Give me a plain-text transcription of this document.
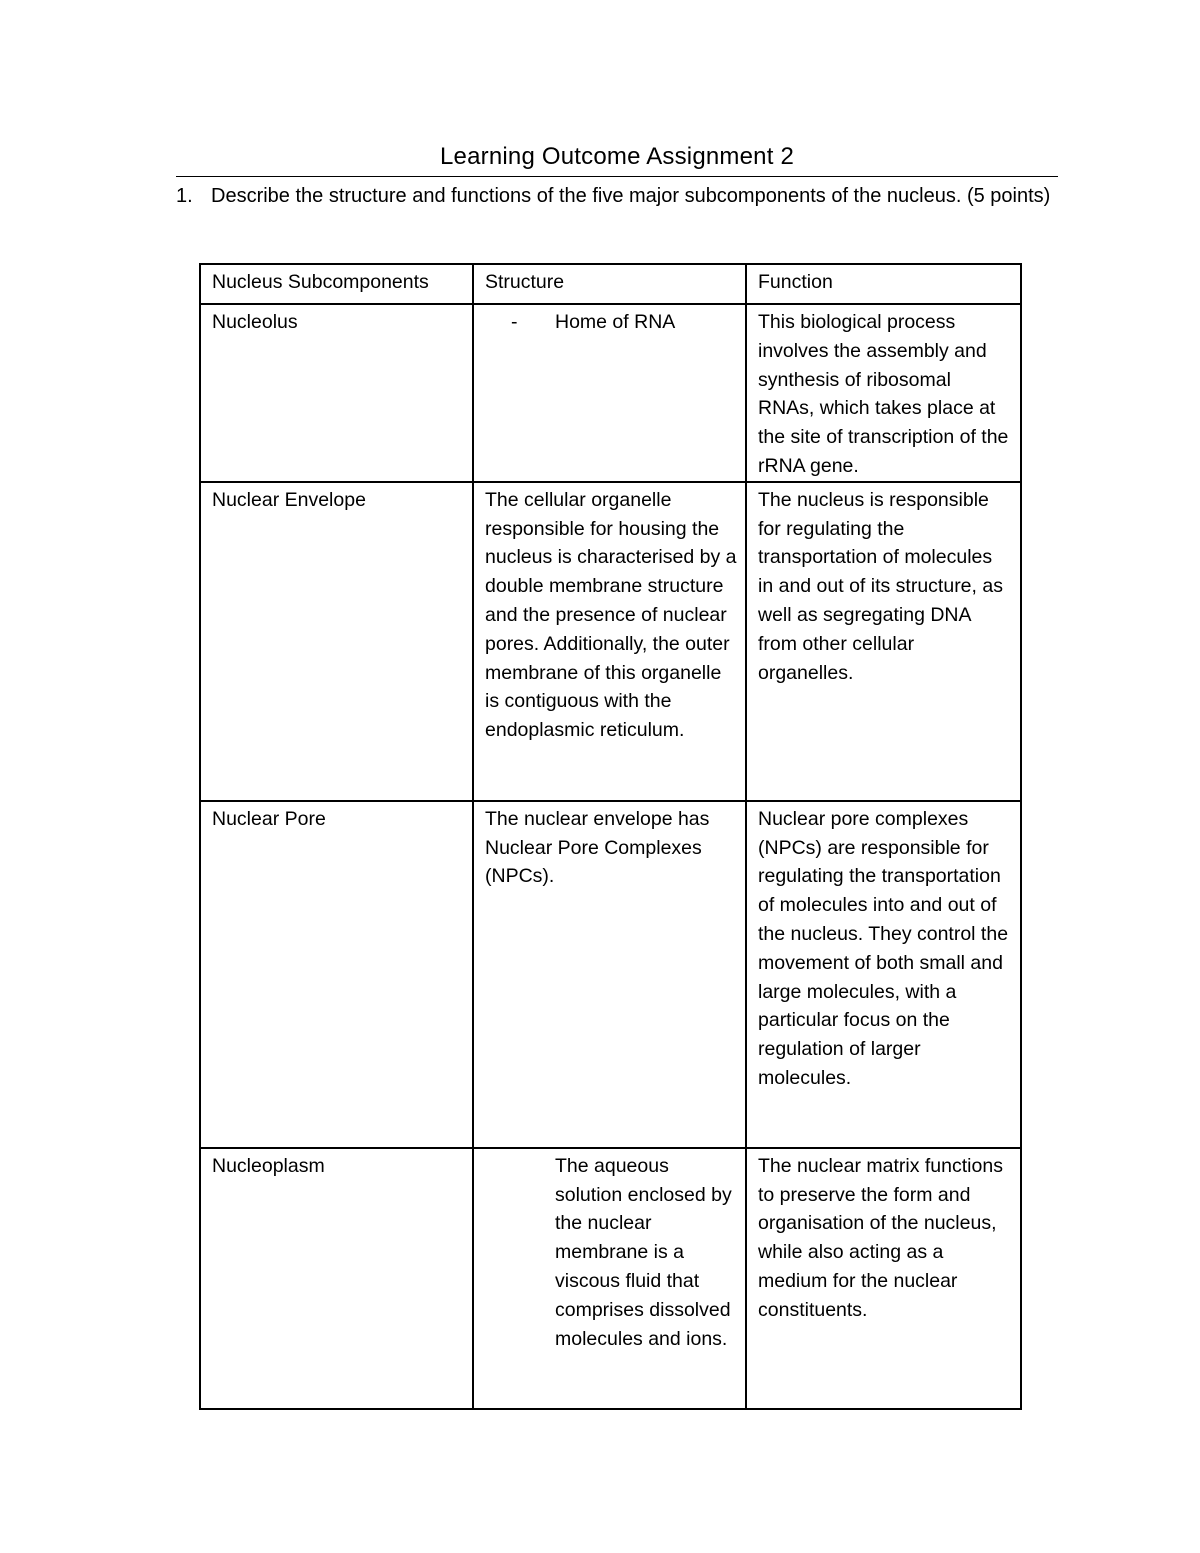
Learning Outcome Assignment 2
1. Describe the structure and functions of the five major subcomponents of the nucleus. (5 points)
Nucleus Subcomponents	Structure	Function
Nucleolus	- Home of RNA	This biological process involves the assembly and synthesis of ribosomal RNAs, which takes place at the site of transcription of the rRNA gene.
Nuclear Envelope	The cellular organelle responsible for housing the nucleus is characterised by a double membrane structure and the presence of nuclear pores. Additionally, the outer membrane of this organelle is contiguous with the endoplasmic reticulum.	The nucleus is responsible for regulating the transportation of molecules in and out of its structure, as well as segregating DNA from other cellular organelles.
Nuclear Pore	The nuclear envelope has Nuclear Pore Complexes (NPCs).	Nuclear pore complexes (NPCs) are responsible for regulating the transportation of molecules into and out of the nucleus. They control the movement of both small and large molecules, with a particular focus on the regulation of larger molecules.
Nucleoplasm	The aqueous solution enclosed by the nuclear membrane is a viscous fluid that comprises dissolved molecules and ions.	The nuclear matrix functions to preserve the form and organisation of the nucleus, while also acting as a medium for the nuclear constituents.
